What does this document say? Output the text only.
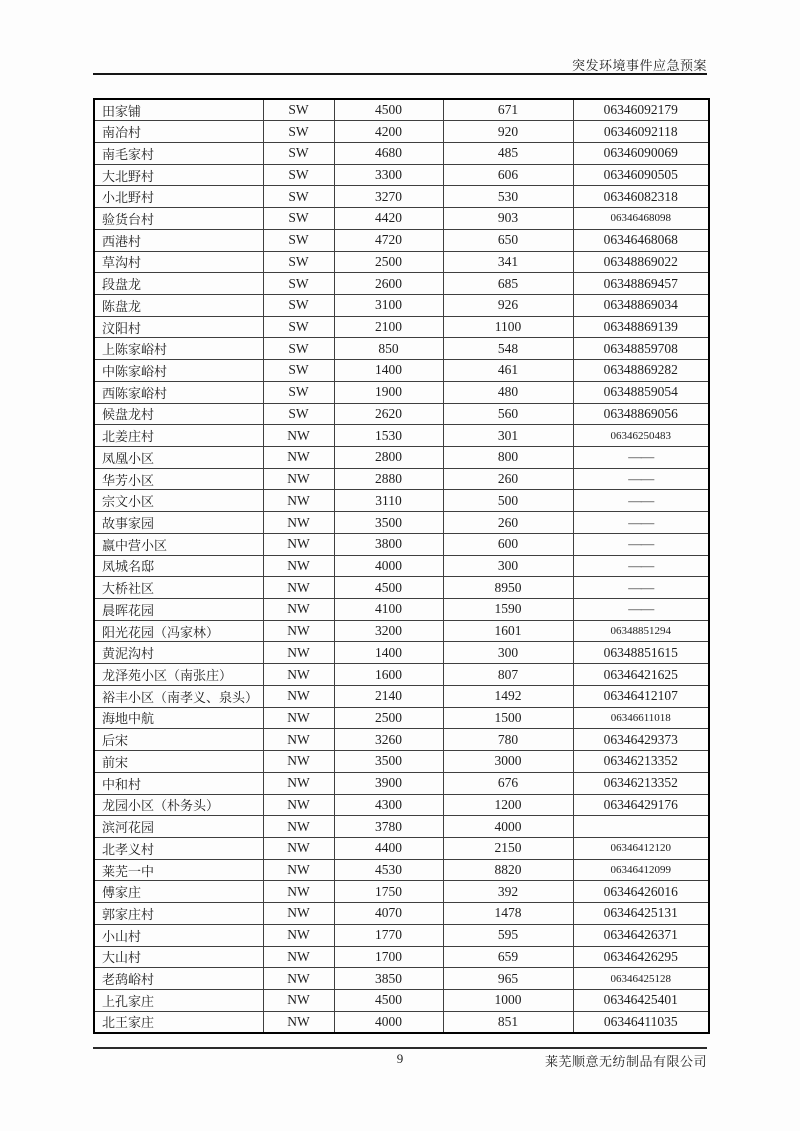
突发环境事件应急预案
田家铺	SW	4500	671	06346092179
南冶村	SW	4200	920	06346092118
南毛家村	SW	4680	485	06346090069
大北野村	SW	3300	606	06346090505
小北野村	SW	3270	530	06346082318
验货台村	SW	4420	903	06346468098
西港村	SW	4720	650	06346468068
草沟村	SW	2500	341	06348869022
段盘龙	SW	2600	685	06348869457
陈盘龙	SW	3100	926	06348869034
汶阳村	SW	2100	1100	06348869139
上陈家峪村	SW	850	548	06348859708
中陈家峪村	SW	1400	461	06348869282
西陈家峪村	SW	1900	480	06348859054
候盘龙村	SW	2620	560	06348869056
北姜庄村	NW	1530	301	06346250483
凤凰小区	NW	2800	800	——
华芳小区	NW	2880	260	——
宗文小区	NW	3110	500	——
故事家园	NW	3500	260	——
嬴中营小区	NW	3800	600	——
凤城名邸	NW	4000	300	——
大桥社区	NW	4500	8950	——
晨晖花园	NW	4100	1590	——
阳光花园（冯家林）	NW	3200	1601	06348851294
黄泥沟村	NW	1400	300	06348851615
龙泽苑小区（南张庄）	NW	1600	807	06346421625
裕丰小区（南孝义、泉头）	NW	2140	1492	06346412107
海地中航	NW	2500	1500	06346611018
后宋	NW	3260	780	06346429373
前宋	NW	3500	3000	06346213352
中和村	NW	3900	676	06346213352
龙园小区（朴务头）	NW	4300	1200	06346429176
滨河花园	NW	3780	4000	
北孝义村	NW	4400	2150	06346412120
莱芜一中	NW	4530	8820	06346412099
傅家庄	NW	1750	392	06346426016
郭家庄村	NW	4070	1478	06346425131
小山村	NW	1770	595	06346426371
大山村	NW	1700	659	06346426295
老鸹峪村	NW	3850	965	06346425128
上孔家庄	NW	4500	1000	06346425401
北王家庄	NW	4000	851	06346411035
9	莱芜顺意无纺制品有限公司
